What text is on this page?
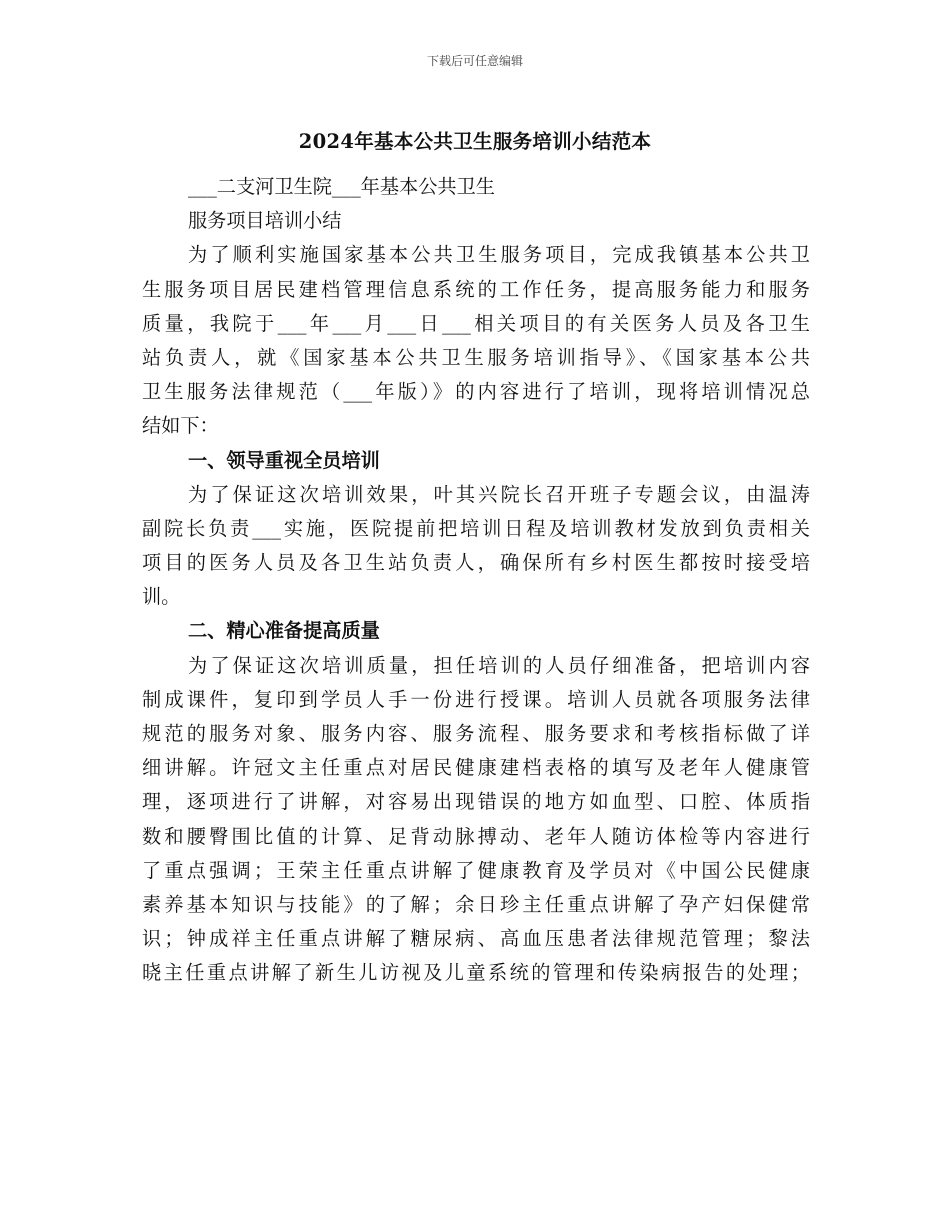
下载后可任意编辑
2024年基本公共卫生服务培训小结范本
___二支河卫生院___年基本公共卫生
服务项目培训小结
为了顺利实施国家基本公共卫生服务项目，完成我镇基本公共卫
生服务项目居民建档管理信息系统的工作任务，提高服务能力和服务
质量，我院于___年___月___日___相关项目的有关医务人员及各卫生
站负责人，就《国家基本公共卫生服务培训指导》、《国家基本公共
卫生服务法律规范（___年版）》的内容进行了培训，现将培训情况总
结如下：
一、领导重视全员培训
为了保证这次培训效果，叶其兴院长召开班子专题会议，由温涛
副院长负责___实施，医院提前把培训日程及培训教材发放到负责相关
项目的医务人员及各卫生站负责人，确保所有乡村医生都按时接受培
训。
二、精心准备提高质量
为了保证这次培训质量，担任培训的人员仔细准备，把培训内容
制成课件，复印到学员人手一份进行授课。培训人员就各项服务法律
规范的服务对象、服务内容、服务流程、服务要求和考核指标做了详
细讲解。许冠文主任重点对居民健康建档表格的填写及老年人健康管
理，逐项进行了讲解，对容易出现错误的地方如血型、口腔、体质指
数和腰臀围比值的计算、足背动脉搏动、老年人随访体检等内容进行
了重点强调；王荣主任重点讲解了健康教育及学员对《中国公民健康
素养基本知识与技能》的了解；余日珍主任重点讲解了孕产妇保健常
识；钟成祥主任重点讲解了糖尿病、高血压患者法律规范管理；黎法
晓主任重点讲解了新生儿访视及儿童系统的管理和传染病报告的处理；
